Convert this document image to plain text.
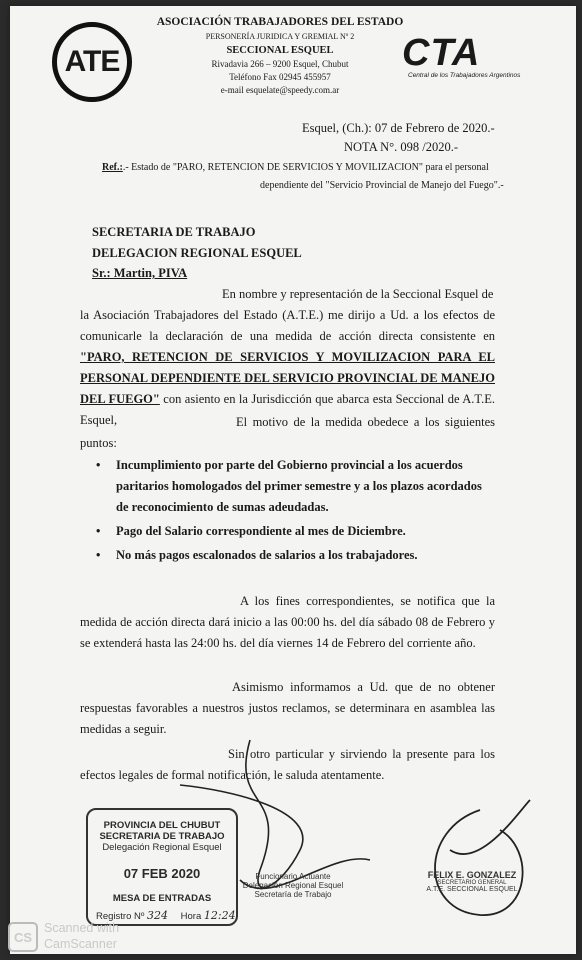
ATE
ASOCIACIÓN TRABAJADORES DEL ESTADO
PERSONERÍA JURIDICA Y GREMIAL Nº 2
SECCIONAL ESQUEL
Rivadavia 266 – 9200 Esquel, Chubut
Teléfono Fax 02945 455957
e-mail esquelate@speedy.com.ar
CTA
Central de los Trabajadores Argentinos
Esquel, (Ch.): 07 de Febrero de 2020.-
NOTA N°. 098 /2020.-
Ref.:.- Estado de "PARO, RETENCION DE SERVICIOS Y MOVILIZACION" para el personal
dependiente del "Servicio Provincial de Manejo del Fuego".-
SECRETARIA DE TRABAJO
DELEGACION REGIONAL ESQUEL
Sr.: Martin, PIVA
En nombre y representación de la Seccional Esquel de
la Asociación Trabajadores del Estado (A.T.E.) me dirijo a Ud. a los efectos de comunicarle la declaración de una medida de acción directa consistente en "PARO, RETENCION DE SERVICIOS Y MOVILIZACION PARA EL PERSONAL DEPENDIENTE DEL SERVICIO PROVINCIAL DE MANEJO DEL FUEGO" con asiento en la Jurisdicción que abarca esta Seccional de A.T.E. Esquel,	El motivo de la medida obedece a los siguientes puntos:
• Incumplimiento por parte del Gobierno provincial a los acuerdos paritarios homologados del primer semestre y a los plazos acordados de reconocimiento de sumas adeudadas.
• Pago del Salario correspondiente al mes de Diciembre.
• No más pagos escalonados de salarios a los trabajadores.
A los fines correspondientes, se notifica que la medida de acción directa dará inicio a las 00:00 hs. del día sábado 08 de Febrero y se extenderá hasta las 24:00 hs. del día viernes 14 de Febrero del corriente año.
Asimismo informamos a Ud. que de no obtener respuestas favorables a nuestros justos reclamos, se determinara en asamblea las medidas a seguir.
Sin otro particular y sirviendo la presente para los efectos legales de formal notificación, le saluda atentamente.
Funcionario Actuante
Delegación Regional Esquel
Secretaría de Trabajo
FELIX E. GONZALEZ
SECRETARIO GENERAL
A.T.E. SECCIONAL ESQUEL
PROVINCIA DEL CHUBUT
SECRETARIA DE TRABAJO
Delegación Regional Esquel
07 FEB 2020
MESA DE ENTRADAS
Registro Nº 324 Hora 12:24
CS
Scanned with
CamScanner
